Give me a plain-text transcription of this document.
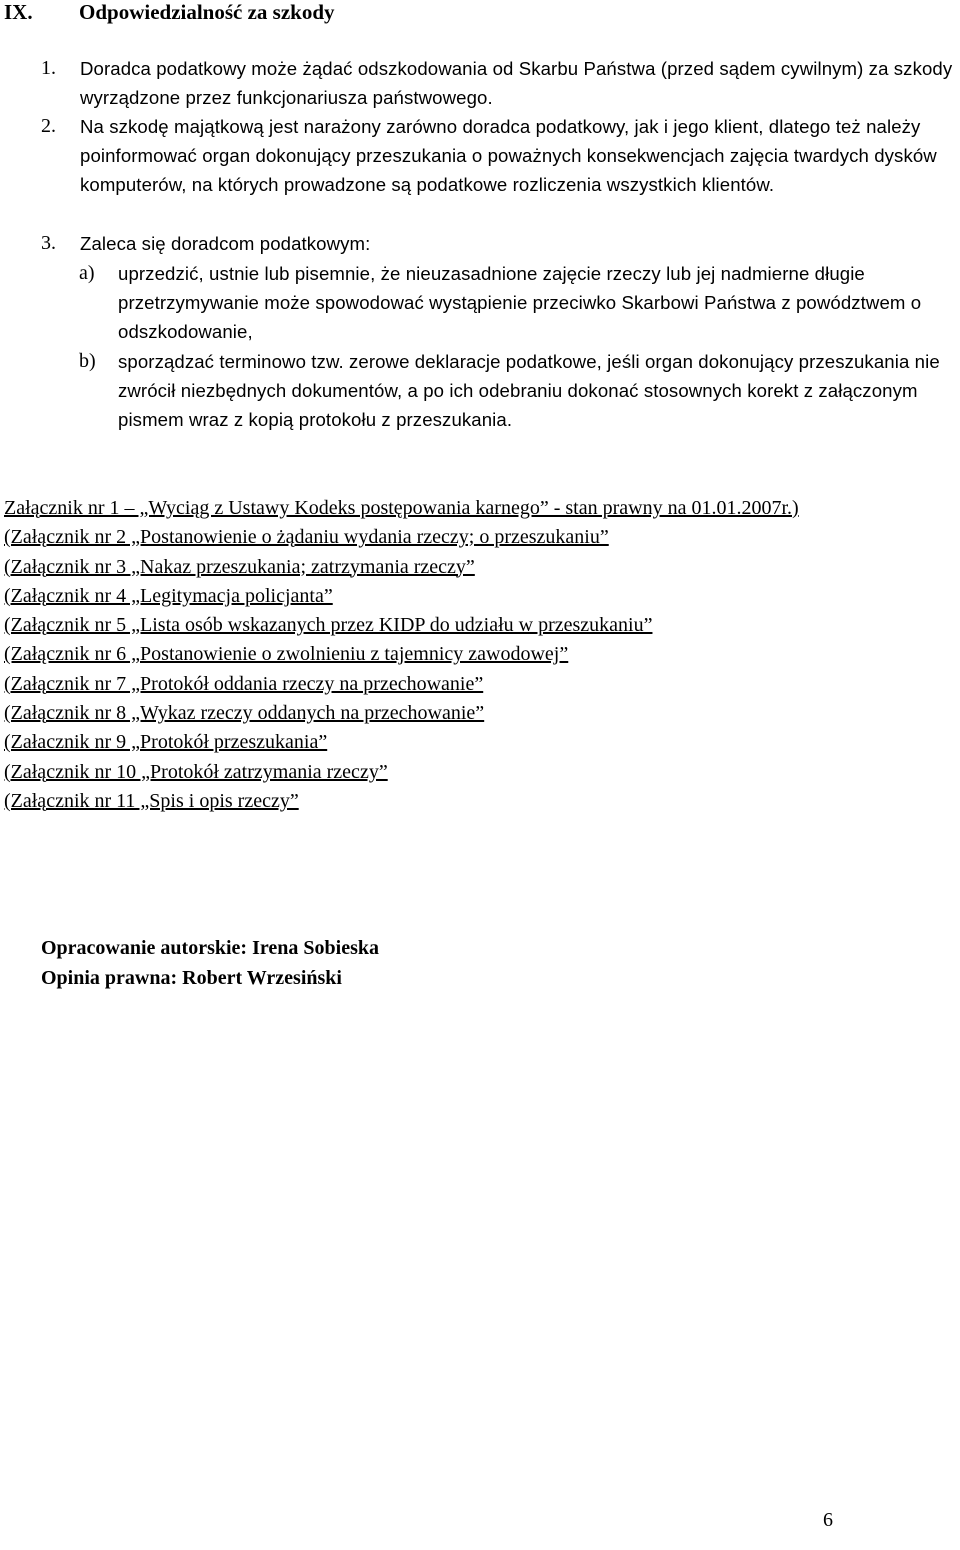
IX.	Odpowiedzialność za szkody
1. Doradca podatkowy może żądać odszkodowania od Skarbu Państwa (przed sądem cywilnym) za szkody wyrządzone przez funkcjonariusza państwowego.
2. Na szkodę majątkową jest narażony zarówno doradca podatkowy, jak i jego klient, dlatego też należy poinformować organ dokonujący przeszukania o poważnych konsekwencjach zajęcia twardych dysków komputerów, na których prowadzone są podatkowe rozliczenia wszystkich klientów.
3. Zaleca się doradcom podatkowym:
a) uprzedzić, ustnie lub pisemnie, że nieuzasadnione zajęcie rzeczy lub jej nadmierne długie przetrzymywanie może spowodować wystąpienie przeciwko Skarbowi Państwa z powództwem o odszkodowanie,
b) sporządzać terminowo tzw. zerowe deklaracje podatkowe, jeśli organ dokonujący przeszukania nie zwrócił niezbędnych dokumentów, a po ich odebraniu dokonać stosownych korekt z załączonym pismem wraz z kopią protokołu z przeszukania.
Załącznik nr 1 – „Wyciąg z Ustawy Kodeks postępowania karnego” - stan prawny na 01.01.2007r.)
(Załącznik nr 2 „Postanowienie o żądaniu wydania rzeczy; o przeszukaniu”
(Załącznik nr 3 „Nakaz przeszukania; zatrzymania rzeczy”
(Załącznik nr 4 „Legitymacja policjanta”
(Załącznik nr 5 „Lista osób wskazanych przez KIDP do udziału w przeszukaniu”
(Załącznik nr 6 „Postanowienie o zwolnieniu z tajemnicy zawodowej”
(Załącznik nr 7 „Protokół oddania rzeczy na przechowanie”
(Załącznik nr 8 „Wykaz rzeczy oddanych na przechowanie”
(Załacznik nr 9 „Protokół przeszukania”
(Załącznik nr 10 „Protokół zatrzymania rzeczy”
(Załącznik nr 11 „Spis i opis rzeczy”
Opracowanie autorskie: Irena Sobieska
Opinia prawna: Robert Wrzesiński
6
